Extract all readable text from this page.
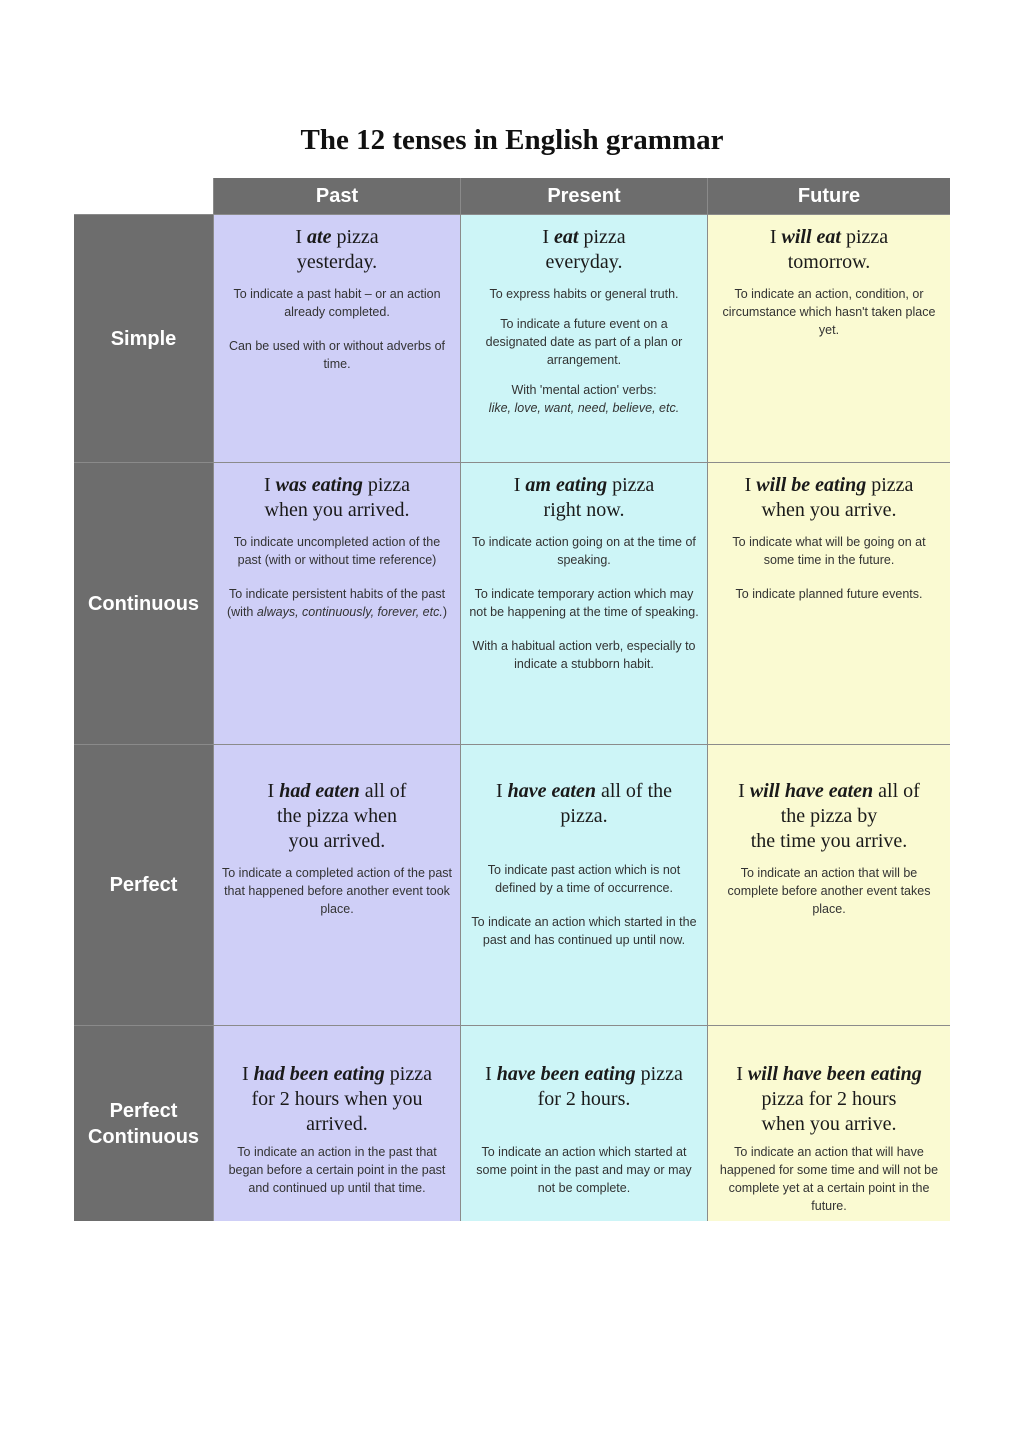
The 12 tenses in English grammar
Past	Present	Future
Simple
I ate pizza
yesterday.
To indicate a past habit – or an action already completed.
Can be used with or without adverbs of time.
I eat pizza
everyday.
To express habits or general truth.
To indicate a future event on a designated date as part of a plan or arrangement.
With 'mental action' verbs:
like, love, want, need, believe, etc.
I will eat pizza
tomorrow.
To indicate an action, condition, or circumstance which hasn't taken place yet.
Continuous
I was eating pizza
when you arrived.
To indicate uncompleted action of the past (with or without time reference)
To indicate persistent habits of the past (with always, continuously, forever, etc.)
I am eating pizza
right now.
To indicate action going on at the time of speaking.
To indicate temporary action which may not be happening at the time of speaking.
With a habitual action verb, especially to indicate a stubborn habit.
I will be eating pizza
when you arrive.
To indicate what will be going on at some time in the future.
To indicate planned future events.
Perfect
I had eaten all of
the pizza when
you arrived.
To indicate a completed action of the past that happened before another event took place.
I have eaten all of the
pizza.
To indicate past action which is not defined by a time of occurrence.
To indicate an action which started in the past and has continued up until now.
I will have eaten all of
the pizza by
the time you arrive.
To indicate an action that will be complete before another event takes place.
Perfect Continuous
I had been eating pizza
for 2 hours when you
arrived.
To indicate an action in the past that began before a certain point in the past and continued up until that time.
I have been eating pizza
for 2 hours.
To indicate an action which started at some point in the past and may or may not be complete.
I will have been eating
pizza for 2 hours
when you arrive.
To indicate an action that will have happened for some time and will not be complete yet at a certain point in the future.
